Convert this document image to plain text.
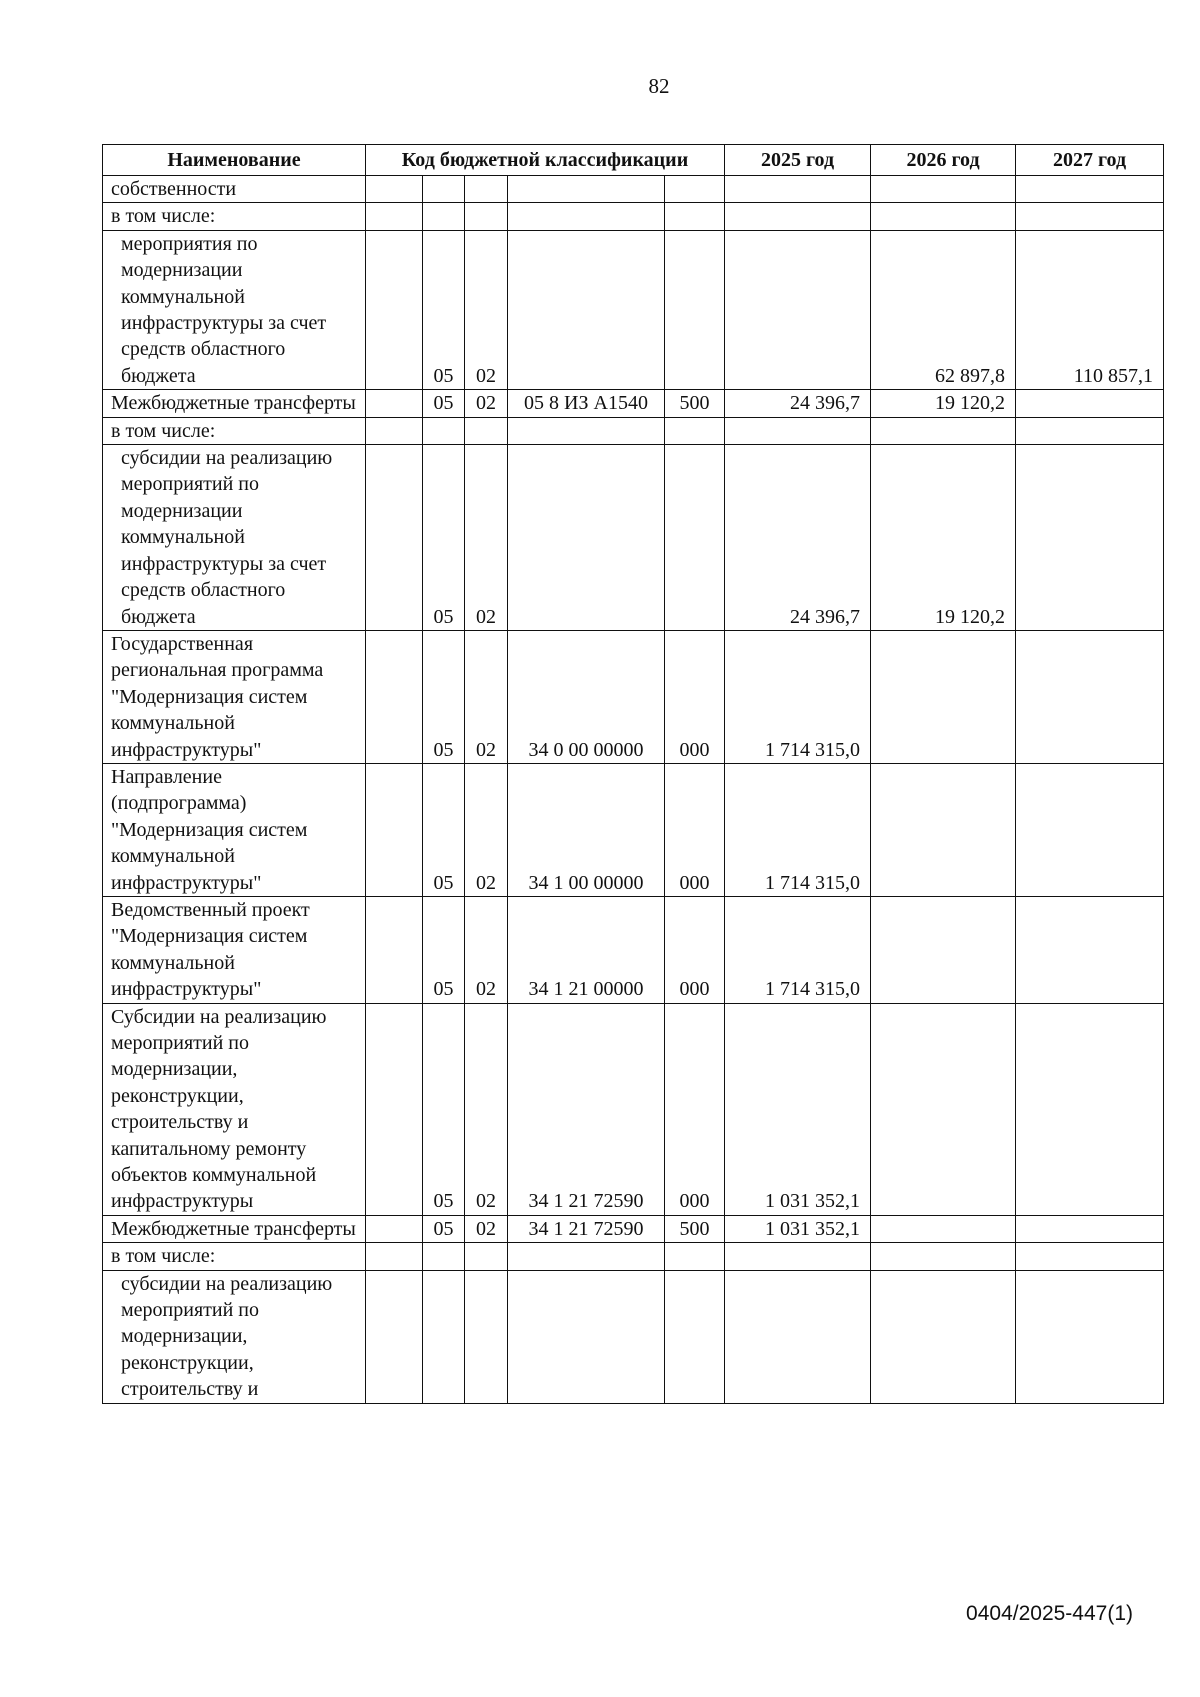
82
Наименование	Код бюджетной классификации					2025 год	2026 год	2027 год
собственности								
в том числе:								
мероприятия по модернизации коммунальной инфраструктуры за счет средств областного бюджета		05	02				62 897,8	110 857,1
Межбюджетные трансферты		05	02	05 8 ИЗ А1540	500	24 396,7	19 120,2	
в том числе:								
субсидии на реализацию мероприятий по модернизации коммунальной инфраструктуры за счет средств областного бюджета		05	02			24 396,7	19 120,2	
Государственная региональная программа "Модернизация систем коммунальной инфраструктуры"		05	02	34 0 00 00000	000	1 714 315,0		
Направление (подпрограмма) "Модернизация систем коммунальной инфраструктуры"		05	02	34 1 00 00000	000	1 714 315,0		
Ведомственный проект "Модернизация систем коммунальной инфраструктуры"		05	02	34 1 21 00000	000	1 714 315,0		
Субсидии на реализацию мероприятий по модернизации, реконструкции, строительству и капитальному ремонту объектов коммунальной инфраструктуры		05	02	34 1 21 72590	000	1 031 352,1		
Межбюджетные трансферты		05	02	34 1 21 72590	500	1 031 352,1		
в том числе:								
субсидии на реализацию мероприятий по модернизации, реконструкции, строительству и								
0404/2025-447(1)
